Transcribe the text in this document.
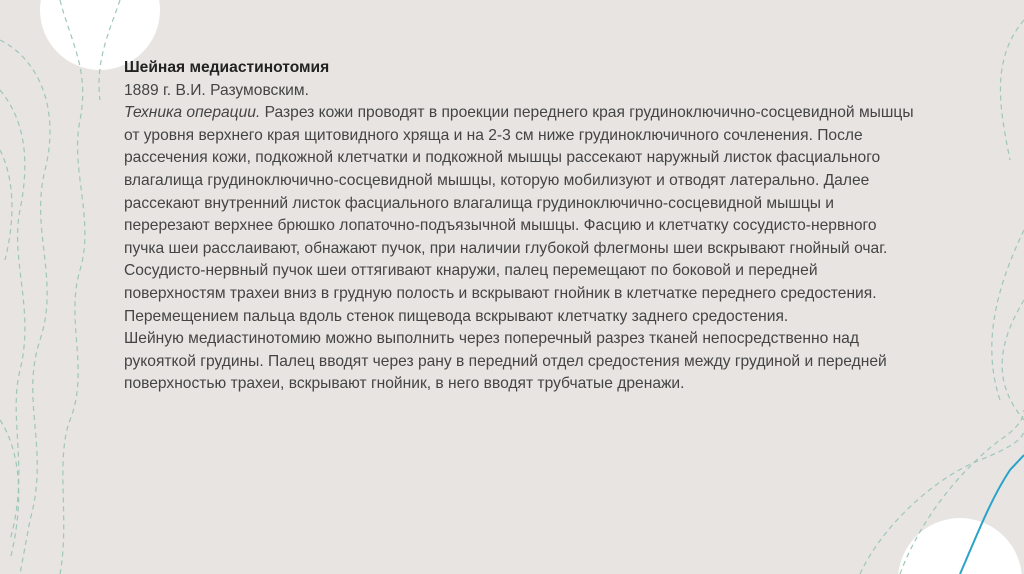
Шейная медиастинотомия
1889 г. В.И. Разумовским.
Техника операции. Разрез кожи проводят в проекции переднего края грудиноключично-сосцевидной мышцы от уровня верхнего края щитовидного хряща и на 2-3 см ниже грудиноключичного сочленения. После рассечения кожи, подкожной клетчатки и подкожной мышцы рассекают наружный листок фасциального влагалища грудиноключично-сосцевидной мышцы, которую мобилизуют и отводят латерально. Далее рассекают внутренний листок фасциального влагалища грудиноключично-сосцевидной мышцы и перерезают верхнее брюшко лопаточно-подъязычной мышцы. Фасцию и клетчатку сосудисто-нервного пучка шеи расслаивают, обнажают пучок, при наличии глубокой флегмоны шеи вскрывают гнойный очаг.
Сосудисто-нервный пучок шеи оттягивают кнаружи, палец перемещают по боковой и передней поверхностям трахеи вниз в грудную полость и вскрывают гнойник в клетчатке переднего средостения. Перемещением пальца вдоль стенок пищевода вскрывают клетчатку заднего средостения.
Шейную медиастинотомию можно выполнить через поперечный разрез тканей непосредственно над рукояткой грудины. Палец вводят через рану в передний отдел средостения между грудиной и передней поверхностью трахеи, вскрывают гнойник, в него вводят трубчатые дренажи.
